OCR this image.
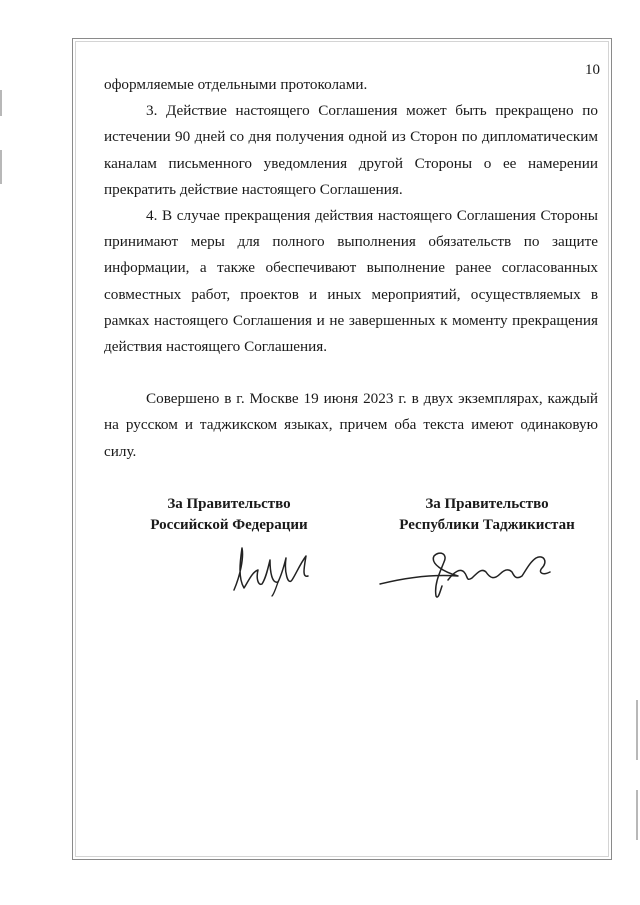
10

оформляемые отдельными протоколами.

3. Действие настоящего Соглашения может быть прекращено по истечении 90 дней со дня получения одной из Сторон по дипломатическим каналам письменного уведомления другой Стороны о ее намерении прекратить действие настоящего Соглашения.

4. В случае прекращения действия настоящего Соглашения Стороны принимают меры для полного выполнения обязательств по защите информации, а также обеспечивают выполнение ранее согласованных совместных работ, проектов и иных мероприятий, осуществляемых в рамках настоящего Соглашения и не завершенных к моменту прекращения действия настоящего Соглашения.

Совершено в г. Москве 19 июня 2023 г. в двух экземплярах, каждый на русском и таджикском языках, причем оба текста имеют одинаковую силу.

За Правительство
Российской Федерации
За Правительство
Республики Таджикистан
